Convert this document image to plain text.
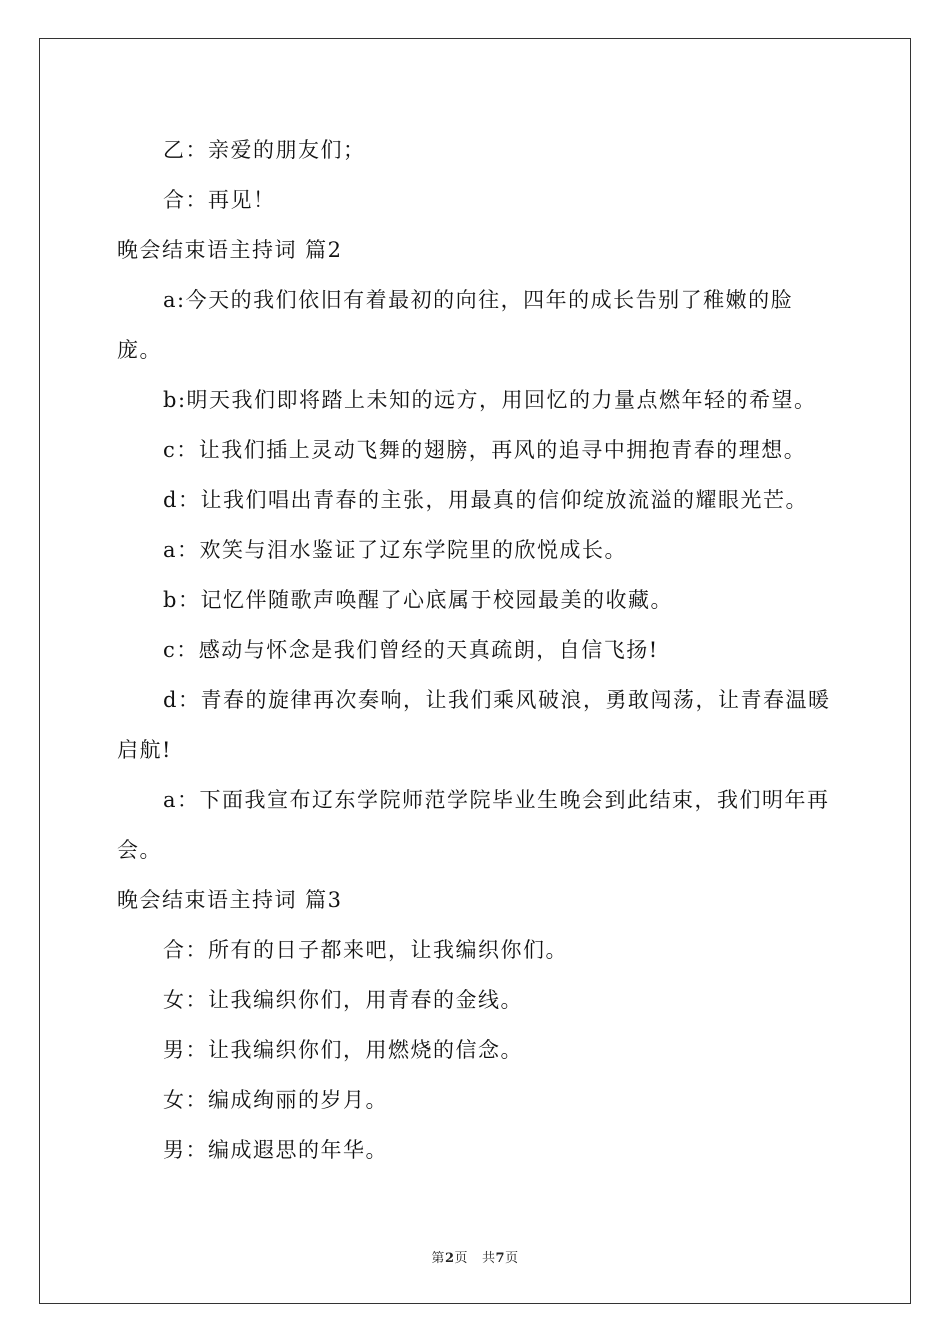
乙：亲爱的朋友们；

合：再见！

晚会结束语主持词 篇2

a:今天的我们依旧有着最初的向往，四年的成长告别了稚嫩的脸庞。

b:明天我们即将踏上未知的远方，用回忆的力量点燃年轻的希望。

c：让我们插上灵动飞舞的翅膀，再风的追寻中拥抱青春的理想。

d：让我们唱出青春的主张，用最真的信仰绽放流溢的耀眼光芒。

a：欢笑与泪水鉴证了辽东学院里的欣悦成长。

b：记忆伴随歌声唤醒了心底属于校园最美的收藏。

c：感动与怀念是我们曾经的天真疏朗，自信飞扬!

d：青春的旋律再次奏响，让我们乘风破浪，勇敢闯荡，让青春温暖启航!

a：下面我宣布辽东学院师范学院毕业生晚会到此结束，我们明年再会。

晚会结束语主持词 篇3

合：所有的日子都来吧，让我编织你们。

女：让我编织你们，用青春的金线。

男：让我编织你们，用燃烧的信念。

女：编成绚丽的岁月。

男：编成遐思的年华。

第2页 共7页
